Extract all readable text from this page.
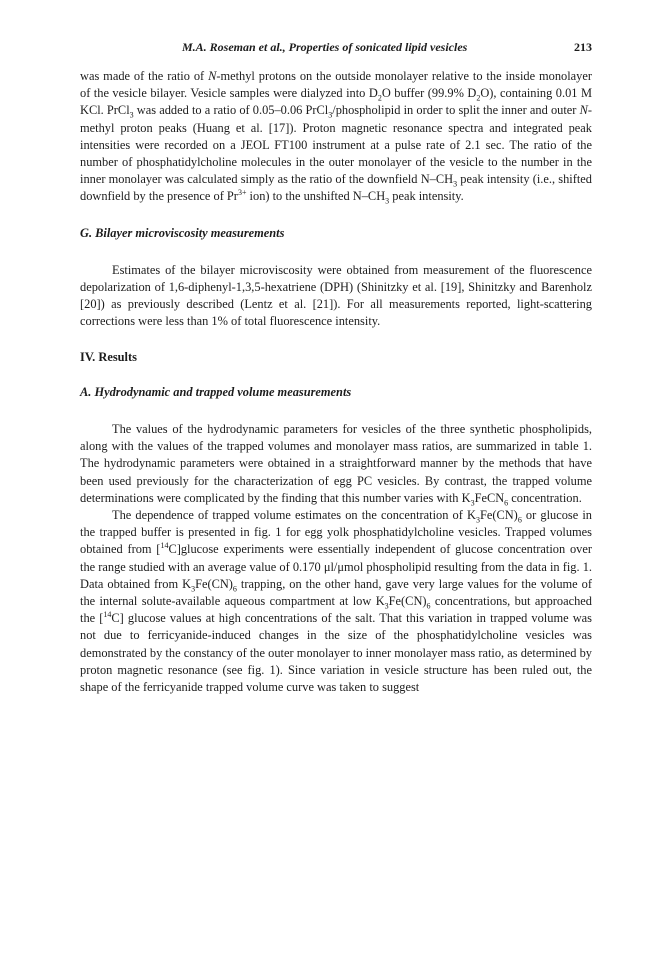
M.A. Roseman et al., Properties of sonicated lipid vesicles	213

was made of the ratio of N-methyl protons on the outside monolayer relative to the inside monolayer of the vesicle bilayer. Vesicle samples were dialyzed into $D_2O$ buffer (99.9% $D_2O$), containing 0.01 M KCl. PrCl$_3$ was added to a ratio of 0.05–0.06 PrCl$_3$/phospholipid in order to split the inner and outer N-methyl proton peaks (Huang et al. [17]). Proton magnetic resonance spectra and integrated peak intensities were recorded on a JEOL FT100 instrument at a pulse rate of 2.1 sec. The ratio of the number of phosphatidylcholine molecules in the outer monolayer of the vesicle to the number in the inner monolayer was calculated simply as the ratio of the downfield $N-CH_3$ peak intensity (i.e., shifted downfield by the presence of $Pr^{3+}$ ion) to the unshifted $N-CH_3$ peak intensity.

G. Bilayer microviscosity measurements

Estimates of the bilayer microviscosity were obtained from measurement of the fluorescence depolarization of 1,6-diphenyl-1,3,5-hexatriene (DPH) (Shinitzky et al. [19], Shinitzky and Barenholz [20]) as previously described (Lentz et al. [21]). For all measurements reported, light-scattering corrections were less than 1% of total fluorescence intensity.

IV. Results
A. Hydrodynamic and trapped volume measurements

The values of the hydrodynamic parameters for vesicles of the three synthetic phospholipids, along with the values of the trapped volumes and monolayer mass ratios, are summarized in table 1. The hydrodynamic parameters were obtained in a straightforward manner by the methods that have been used previously for the characterization of egg PC vesicles. By contrast, the trapped volume determinations were complicated by the finding that this number varies with $K_3FeCN_6$ concentration.

The dependence of trapped volume estimates on the concentration of $K_3Fe(CN)_6$ or glucose in the trapped buffer is presented in fig. 1 for egg yolk phosphatidylcholine vesicles. Trapped volumes obtained from [$^{14}$C]glucose experiments were essentially independent of glucose concentration over the range studied with an average value of 0.170 μl/μmol phospholipid resulting from the data in fig. 1. Data obtained from $K_3Fe(CN)_6$ trapping, on the other hand, gave very large values for the volume of the internal solute-available aqueous compartment at low $K_3Fe(CN)_6$ concentrations, but approached the [$^{14}$C] glucose values at high concentrations of the salt. That this variation in trapped volume was not due to ferricyanide-induced changes in the size of the phosphatidylcholine vesicles was demonstrated by the constancy of the outer monolayer to inner monolayer mass ratio, as determined by proton magnetic resonance (see fig. 1). Since variation in vesicle structure has been ruled out, the shape of the ferricyanide trapped volume curve was taken to suggest
